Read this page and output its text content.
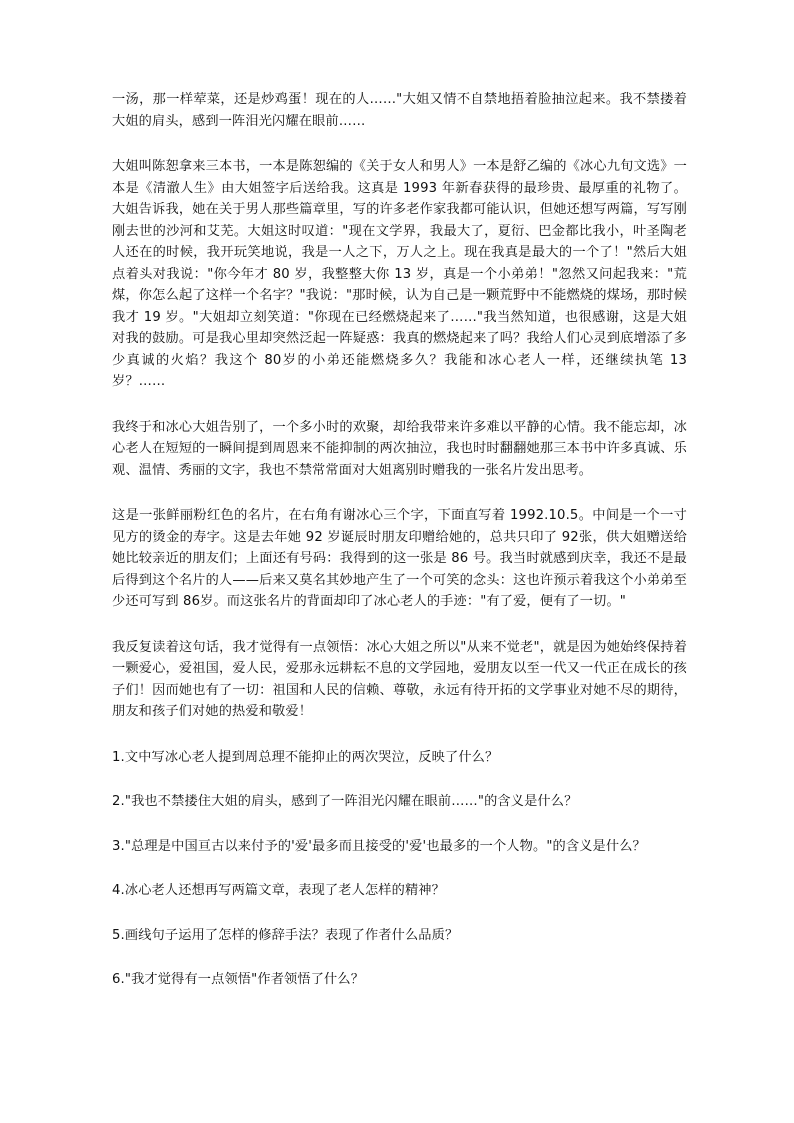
一汤，那一样荤菜，还是炒鸡蛋！现在的人……"大姐又情不自禁地捂着脸抽泣起来。我不禁搂着大姐的肩头，感到一阵泪光闪耀在眼前……

大姐叫陈恕拿来三本书，一本是陈恕编的《关于女人和男人》一本是舒乙编的《冰心九旬文选》一本是《清澈人生》由大姐签字后送给我。这真是 1993 年新春获得的最珍贵、最厚重的礼物了。大姐告诉我，她在关于男人那些篇章里，写的许多老作家我都可能认识，但她还想写两篇，写写刚刚去世的沙河和艾芜。大姐这时叹道："现在文学界，我最大了，夏衍、巴金都比我小，叶圣陶老人还在的时候，我开玩笑地说，我是一人之下，万人之上。现在我真是最大的一个了！"然后大姐点着头对我说："你今年才 80 岁，我整整大你 13 岁，真是一个小弟弟！"忽然又问起我来："荒煤，你怎么起了这样一个名字？"我说："那时候，认为自己是一颗荒野中不能燃烧的煤场，那时候我才 19 岁。"大姐却立刻笑道："你现在已经燃烧起来了……"我当然知道，也很感谢，这是大姐对我的鼓励。可是我心里却突然泛起一阵疑惑：我真的燃烧起来了吗？我给人们心灵到底增添了多少真诚的火焰？我这个 80岁的小弟还能燃烧多久？我能和冰心老人一样，还继续执笔 13岁？……

我终于和冰心大姐告别了，一个多小时的欢聚，却给我带来许多难以平静的心情。我不能忘却，冰心老人在短短的一瞬间提到周恩来不能抑制的两次抽泣，我也时时翻翻她那三本书中许多真诚、乐观、温情、秀丽的文字，我也不禁常常面对大姐离别时赠我的一张名片发出思考。

这是一张鲜丽粉红色的名片，在右角有谢冰心三个字，下面直写着 1992.10.5。中间是一个一寸见方的烫金的寿字。这是去年她 92 岁诞辰时朋友印赠给她的，总共只印了 92张，供大姐赠送给她比较亲近的朋友们；上面还有号码：我得到的这一张是 86 号。我当时就感到庆幸，我还不是最后得到这个名片的人——后来又莫名其妙地产生了一个可笑的念头：这也许预示着我这个小弟弟至少还可写到 86岁。而这张名片的背面却印了冰心老人的手迹："有了爱，便有了一切。"

我反复读着这句话，我才觉得有一点领悟：冰心大姐之所以"从来不觉老"，就是因为她始终保持着一颗爱心，爱祖国，爱人民，爱那永远耕耘不息的文学园地，爱朋友以至一代又一代正在成长的孩子们！因而她也有了一切：祖国和人民的信赖、尊敬，永远有待开拓的文学事业对她不尽的期待，朋友和孩子们对她的热爱和敬爱！

1.文中写冰心老人提到周总理不能抑止的两次哭泣，反映了什么？

2."我也不禁搂住大姐的肩头，感到了一阵泪光闪耀在眼前……"的含义是什么？

3."总理是中国亘古以来付予的'爱'最多而且接受的'爱'也最多的一个人物。"的含义是什么？

4.冰心老人还想再写两篇文章，表现了老人怎样的精神？

5.画线句子运用了怎样的修辞手法？表现了作者什么品质？

6."我才觉得有一点领悟"作者领悟了什么？
